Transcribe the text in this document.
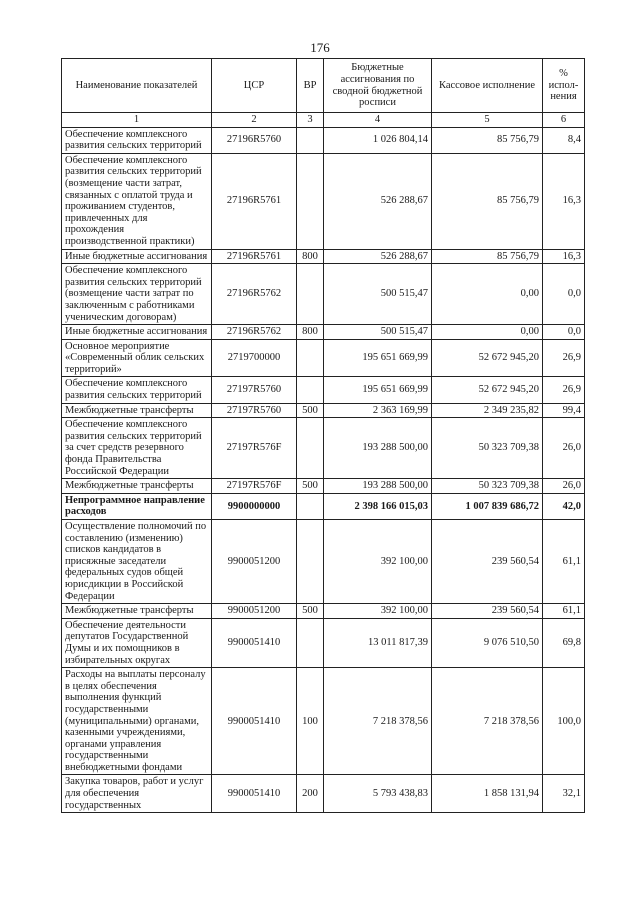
176
Наименование показателей	ЦСР	ВР	Бюджетные ассигнования по сводной бюджетной росписи	Кассовое исполнение	% испол-нения
1	2	3	4	5	6
Обеспечение комплексного развития сельских территорий	27196R5760		1 026 804,14	85 756,79	8,4
Обеспечение комплексного развития сельских территорий (возмещение части затрат, связанных с оплатой труда и проживанием студентов, привлеченных для прохождения производственной практики)	27196R5761		526 288,67	85 756,79	16,3
Иные бюджетные ассигнования	27196R5761	800	526 288,67	85 756,79	16,3
Обеспечение комплексного развития сельских территорий (возмещение части затрат по заключенным с работниками ученическим договорам)	27196R5762		500 515,47	0,00	0,0
Иные бюджетные ассигнования	27196R5762	800	500 515,47	0,00	0,0
Основное мероприятие «Современный облик сельских территорий»	2719700000		195 651 669,99	52 672 945,20	26,9
Обеспечение комплексного развития сельских территорий	27197R5760		195 651 669,99	52 672 945,20	26,9
Межбюджетные трансферты	27197R5760	500	2 363 169,99	2 349 235,82	99,4
Обеспечение комплексного развития сельских территорий за счет средств резервного фонда Правительства Российской Федерации	27197R576F		193 288 500,00	50 323 709,38	26,0
Межбюджетные трансферты	27197R576F	500	193 288 500,00	50 323 709,38	26,0
Непрограммное направление расходов	9900000000		2 398 166 015,03	1 007 839 686,72	42,0
Осуществление полномочий по составлению (изменению) списков кандидатов в присяжные заседатели федеральных судов общей юрисдикции в Российской Федерации	9900051200		392 100,00	239 560,54	61,1
Межбюджетные трансферты	9900051200	500	392 100,00	239 560,54	61,1
Обеспечение деятельности депутатов Государственной Думы и их помощников в избирательных округах	9900051410		13 011 817,39	9 076 510,50	69,8
Расходы на выплаты персоналу в целях обеспечения выполнения функций государственными (муниципальными) органами, казенными учреждениями, органами управления государственными внебюджетными фондами	9900051410	100	7 218 378,56	7 218 378,56	100,0
Закупка товаров, работ и услуг для обеспечения государственных	9900051410	200	5 793 438,83	1 858 131,94	32,1
